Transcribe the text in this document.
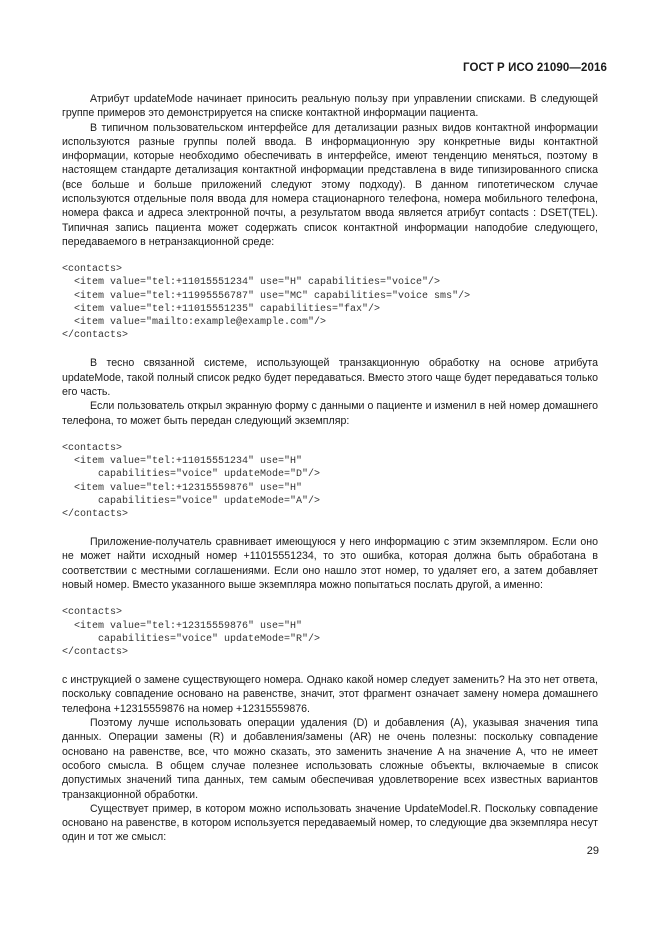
ГОСТ Р ИСО 21090—2016

Атрибут updateMode начинает приносить реальную пользу при управлении списками. В следующей группе примеров это демонстрируется на списке контактной информации пациента.

В типичном пользовательском интерфейсе для детализации разных видов контактной информации используются разные группы полей ввода. В информационную эру конкретные виды контактной информации, которые необходимо обеспечивать в интерфейсе, имеют тенденцию меняться, поэтому в настоящем стандарте детализация контактной информации представлена в виде типизированного списка (все больше и больше приложений следуют этому подходу). В данном гипотетическом случае используются отдельные поля ввода для номера стационарного телефона, номера мобильного телефона, номера факса и адреса электронной почты, а результатом ввода является атрибут contacts : DSET(TEL). Типичная запись пациента может содержать список контактной информации наподобие следующего, передаваемого в нетранзакционной среде:

<contacts>
<item value="tel:+11015551234" use="H" capabilities="voice"/>
<item value="tel:+11995556787" use="MC" capabilities="voice sms"/>
<item value="tel:+11015551235" capabilities="fax"/>
<item value="mailto:example@example.com"/>
</contacts>

В тесно связанной системе, использующей транзакционную обработку на основе атрибута updateMode, такой полный список редко будет передаваться. Вместо этого чаще будет передаваться только его часть.

Если пользователь открыл экранную форму с данными о пациенте и изменил в ней номер домашнего телефона, то может быть передан следующий экземпляр:

<contacts>
<item value="tel:+11015551234" use="H"
capabilities="voice" updateMode="D"/>
<item value="tel:+12315559876" use="H"
capabilities="voice" updateMode="A"/>
</contacts>

Приложение-получатель сравнивает имеющуюся у него информацию с этим экземпляром. Если оно не может найти исходный номер +11015551234, то это ошибка, которая должна быть обработана в соответствии с местными соглашениями. Если оно нашло этот номер, то удаляет его, а затем добавляет новый номер. Вместо указанного выше экземпляра можно попытаться послать другой, а именно:

<contacts>
<item value="tel:+12315559876" use="H"
capabilities="voice" updateMode="R"/>
</contacts>

с инструкцией о замене существующего номера. Однако какой номер следует заменить? На это нет ответа, поскольку совпадение основано на равенстве, значит, этот фрагмент означает замену номера домашнего телефона +12315559876 на номер +12315559876.

Поэтому лучше использовать операции удаления (D) и добавления (A), указывая значения типа данных. Операции замены (R) и добавления/замены (AR) не очень полезны: поскольку совпадение основано на равенстве, все, что можно сказать, это заменить значение A на значение A, что не имеет особого смысла. В общем случае полезнее использовать сложные объекты, включаемые в список допустимых значений типа данных, тем самым обеспечивая удовлетворение всех известных вариантов транзакционной обработки.

Существует пример, в котором можно использовать значение UpdateModel.R. Поскольку совпадение основано на равенстве, в котором используется передаваемый номер, то следующие два экземпляра несут один и тот же смысл:

29
